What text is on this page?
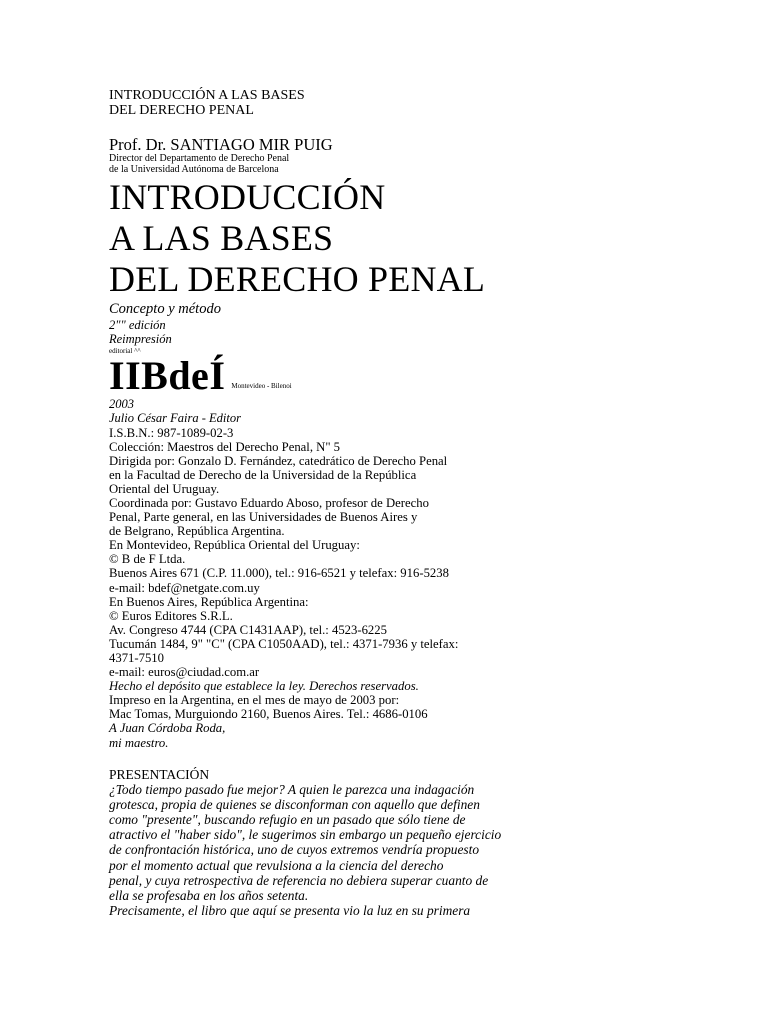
INTRODUCCIÓN A LAS BASES
DEL DERECHO PENAL
Prof. Dr. SANTIAGO MIR PUIG
Director del Departamento de Derecho Penal
de la Universidad Autónoma de Barcelona
INTRODUCCIÓN
A LAS BASES
DEL DERECHO PENAL
Concepto y método
2"" edición
Reimpresión
editorial ^^
IIBdeÍ Montevideo - Bilenoi
2003
Julio César Faira - Editor
I.S.B.N.: 987-1089-02-3
Colección: Maestros del Derecho Penal, N" 5
Dirigida por: Gonzalo D. Fernández, catedrático de Derecho Penal
en la Facultad de Derecho de la Universidad de la República
Oriental del Uruguay.
Coordinada por: Gustavo Eduardo Aboso, profesor de Derecho
Penal, Parte general, en las Universidades de Buenos Aires y
de Belgrano, República Argentina.
En Montevideo, República Oriental del Uruguay:
© B de F Ltda.
Buenos Aires 671 (C.P. 11.000), tel.: 916-6521 y telefax: 916-5238
e-mail: bdef@netgate.com.uy
En Buenos Aires, República Argentina:
© Euros Editores S.R.L.
Av. Congreso 4744 (CPA C1431AAP), tel.: 4523-6225
Tucumán 1484, 9" "C" (CPA C1050AAD), tel.: 4371-7936 y telefax:
4371-7510
e-mail: euros@ciudad.com.ar
Hecho el depósito que establece la ley. Derechos reservados.
Impreso en la Argentina, en el mes de mayo de 2003 por:
Mac Tomas, Murguiondo 2160, Buenos Aires. Tel.: 4686-0106
A Juan Córdoba Roda,
mi maestro.
PRESENTACIÓN
¿Todo tiempo pasado fue mejor? A quien le parezca una indagación
grotesca, propia de quienes se disconforman con aquello que definen
como "presente", buscando refugio en un pasado que sólo tiene de
atractivo el "haber sido", le sugerimos sin embargo un pequeño ejercicio
de confrontación histórica, uno de cuyos extremos vendría propuesto
por el momento actual que revulsiona a la ciencia del derecho
penal, y cuya retrospectiva de referencia no debiera superar cuanto de
ella se profesaba en los años setenta.
Precisamente, el libro que aquí se presenta vio la luz en su primera
